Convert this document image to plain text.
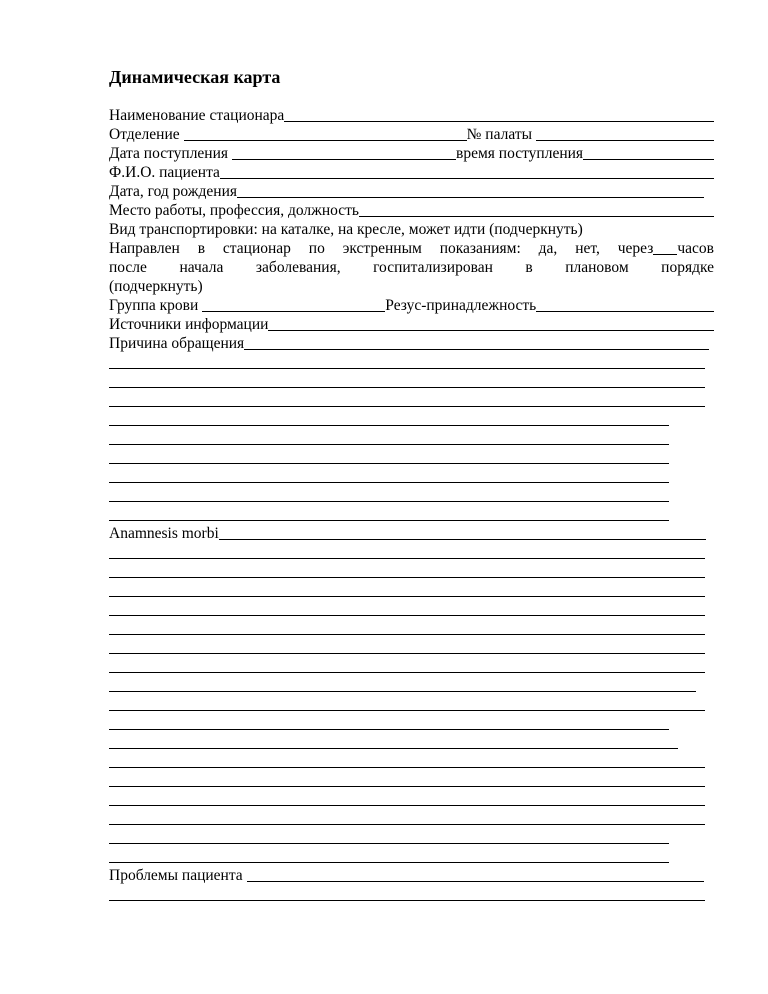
Динамическая карта
Наименование стационара
Отделение	№ палаты
Дата поступления	время поступления
Ф.И.О. пациента
Дата, год рождения
Место работы, профессия, должность
Вид транспортировки: на каталке, на кресле, может идти (подчеркнуть)
Направлен в стационар по экстренным показаниям: да, нет, через часов
после начала заболевания, госпитализирован в плановом порядке
(подчеркнуть)
Группа крови	Резус-принадлежность
Источники информации
Причина обращения
Anamnesis morbi
Проблемы пациента
